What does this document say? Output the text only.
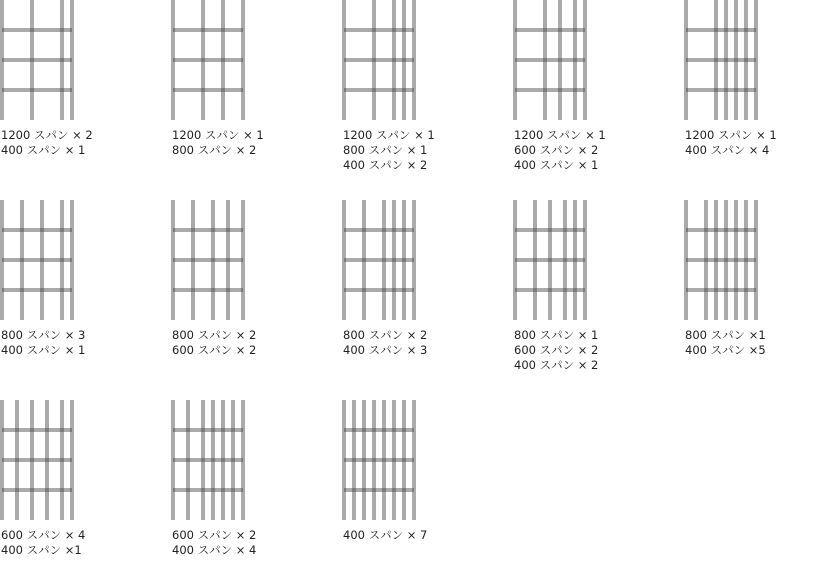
1200 スパン × 2
400 スパン × 1
1200 スパン × 1
800 スパン × 2
1200 スパン × 1
800 スパン × 1
400 スパン × 2
1200 スパン × 1
600 スパン × 2
400 スパン × 1
1200 スパン × 1
400 スパン × 4
800 スパン × 3
400 スパン × 1
800 スパン × 2
600 スパン × 2
800 スパン × 2
400 スパン × 3
800 スパン × 1
600 スパン × 2
400 スパン × 2
800 スパン ×1
400 スパン ×5
600 スパン × 4
400 スパン ×1
600 スパン × 2
400 スパン × 4
400 スパン × 7
